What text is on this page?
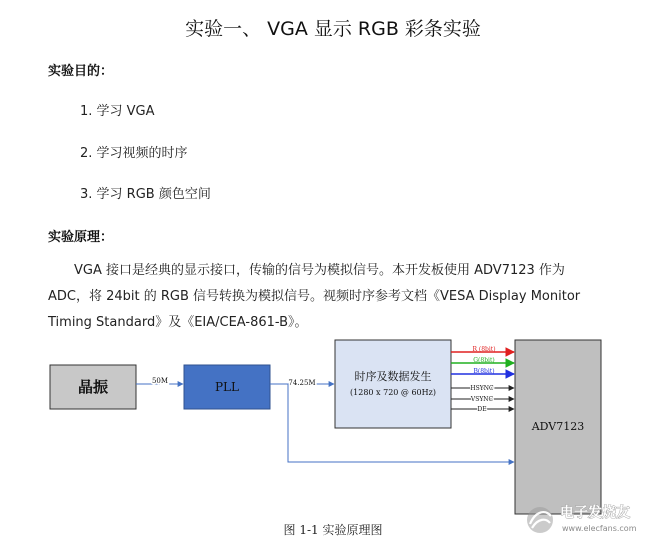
实验一、 VGA 显示 RGB 彩条实验
实验目的：
1. 学习 VGA
2. 学习视频的时序
3. 学习 RGB 颜色空间
实验原理：

VGA 接口是经典的显示接口，传输的信号为模拟信号。本开发板使用 ADV7123 作为

ADC，将 24bit 的 RGB 信号转换为模拟信号。视频时序参考文档《VESA Display Monitor

Timing Standard》及《EIA/CEA-861-B》。

晶振	50M	PLL	74.25M	时序及数据发生
(1280 x 720 @ 60Hz)
ADV7123
R (8bit)
G(8bit)
B(8bit)
HSYNC
VSYNC
DE
图 1-1 实验原理图
电子发烧友
www.elecfans.com
